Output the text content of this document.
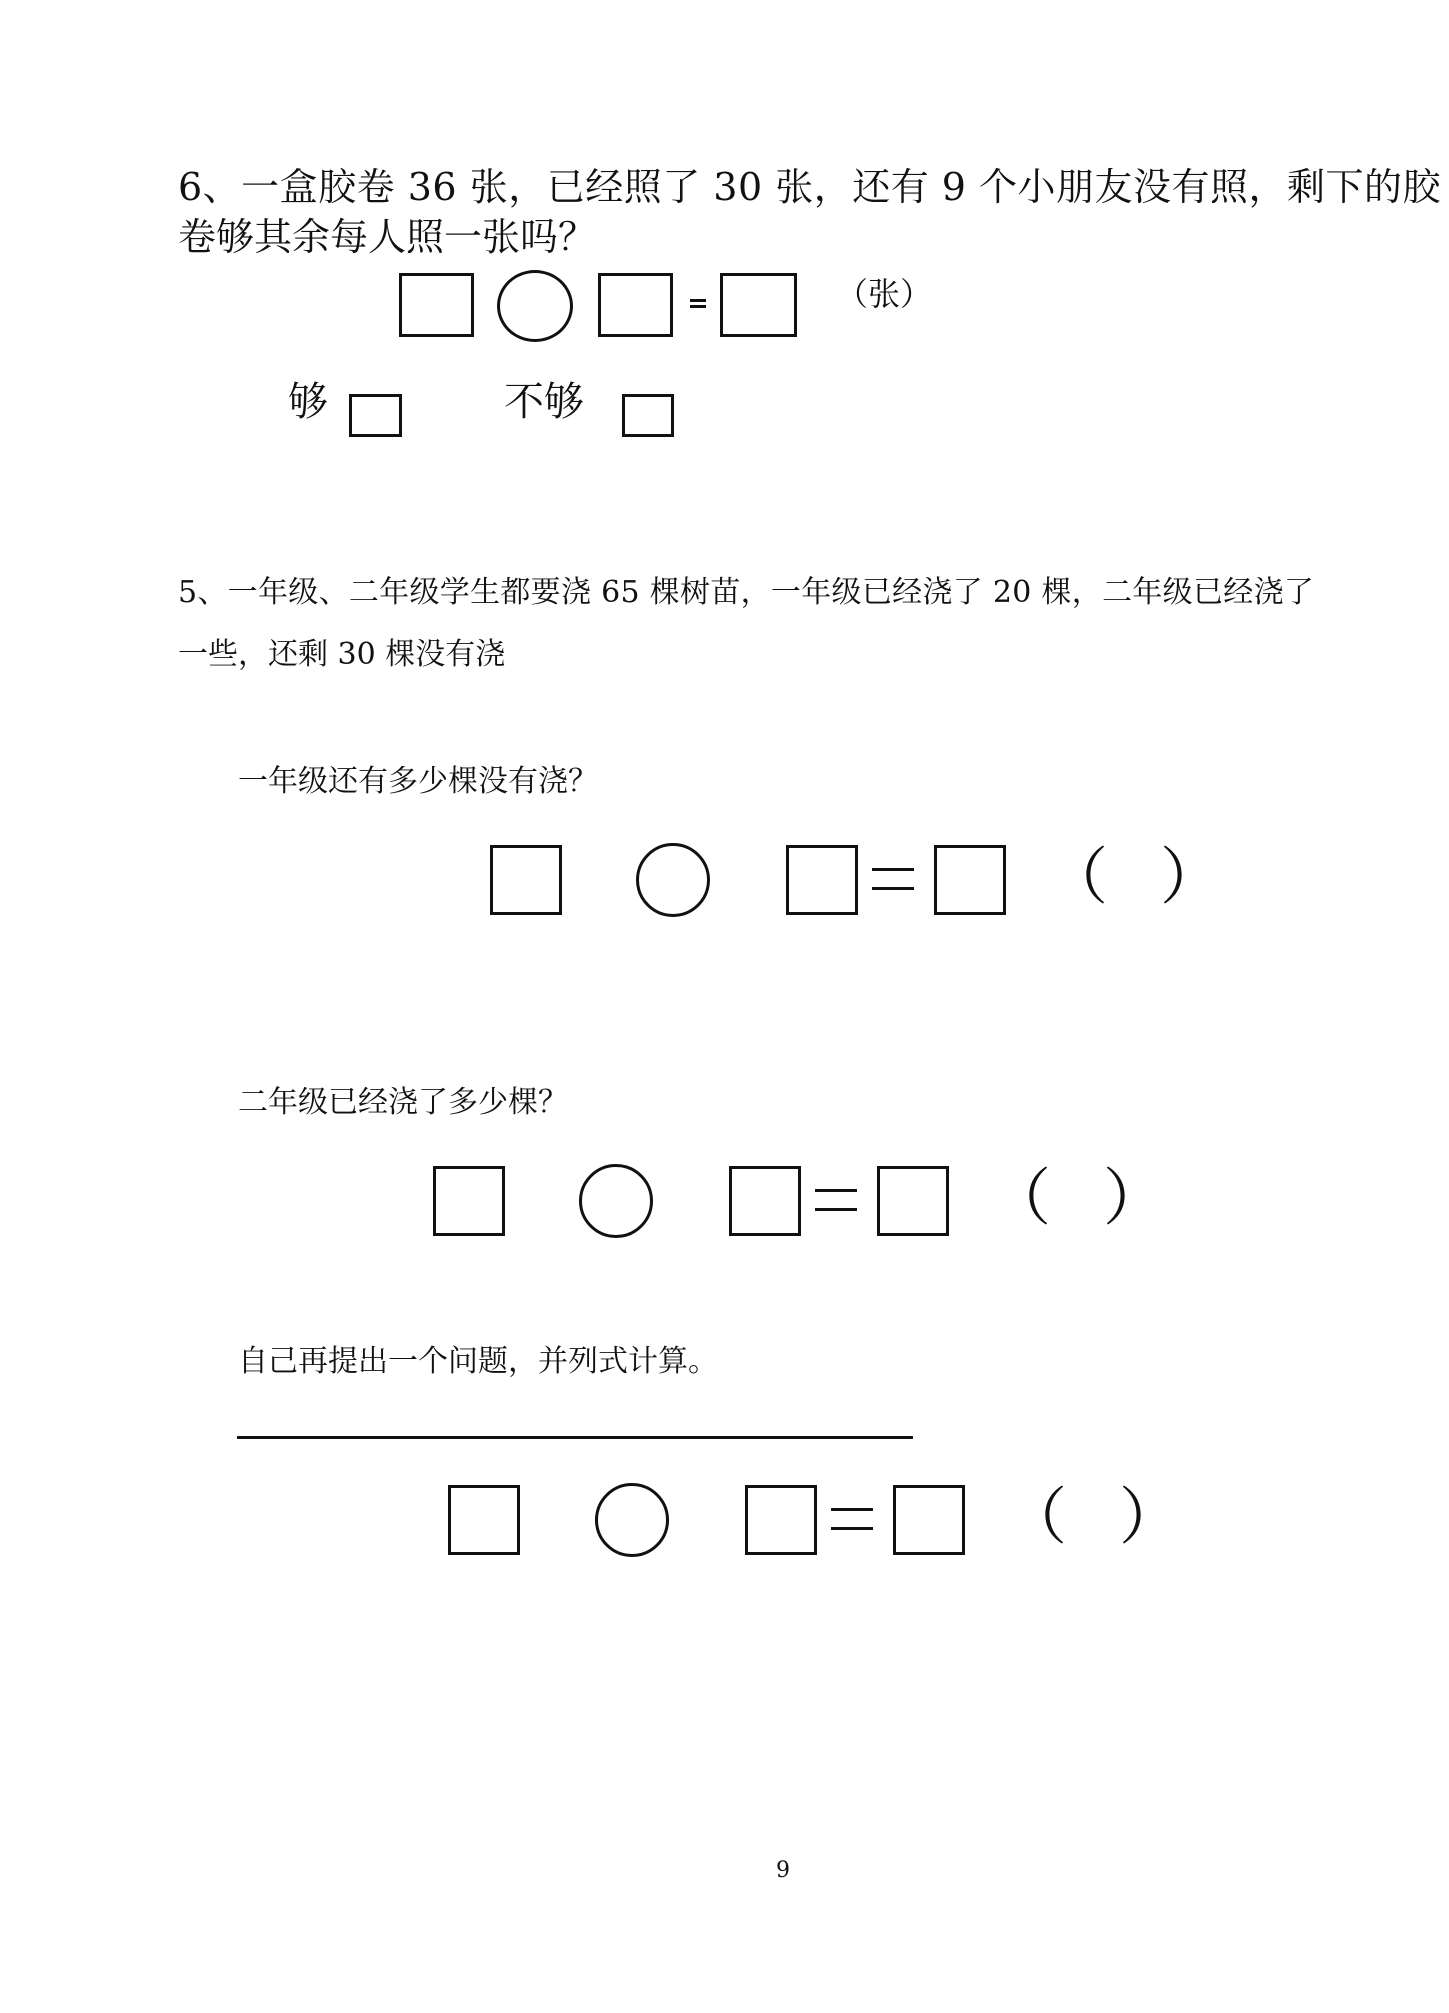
6、一盒胶卷 36 张，已经照了 30 张，还有 9 个小朋友没有照，剩下的胶
卷够其余每人照一张吗？
（张）
够	不够
5、一年级、二年级学生都要浇 65 棵树苗，一年级已经浇了 20 棵，二年级已经浇了
一些，还剩 30 棵没有浇
一年级还有多少棵没有浇？
（ ）
二年级已经浇了多少棵？
（ ）
自己再提出一个问题，并列式计算。
（ ）
9
